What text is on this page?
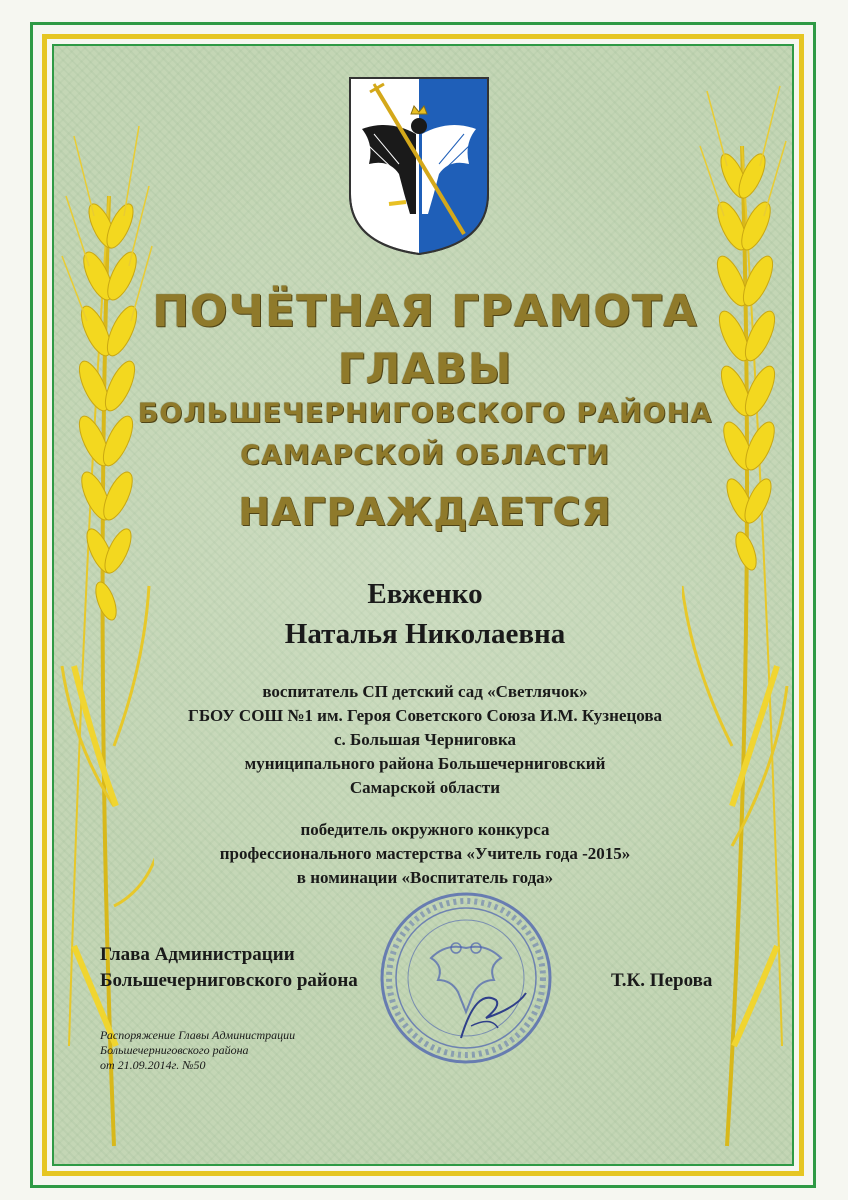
ПОЧЁТНАЯ ГРАМОТА
ГЛАВЫ
БОЛЬШЕЧЕРНИГОВСКОГО РАЙОНА
САМАРСКОЙ ОБЛАСТИ
НАГРАЖДАЕТСЯ
Евженко
Наталья Николаевна
воспитатель СП детский сад «Светлячок»
ГБОУ СОШ №1 им. Героя Советского Союза И.М. Кузнецова
с. Большая Черниговка
муниципального района Большечерниговский
Самарской области
победитель окружного конкурса
профессионального мастерства «Учитель года -2015»
в номинации «Воспитатель года»
Глава Администрации
Большечерниговского района	Т.К. Перова
Распоряжение Главы Администрации
Большечерниговского района
от 21.09.2014г. №50
